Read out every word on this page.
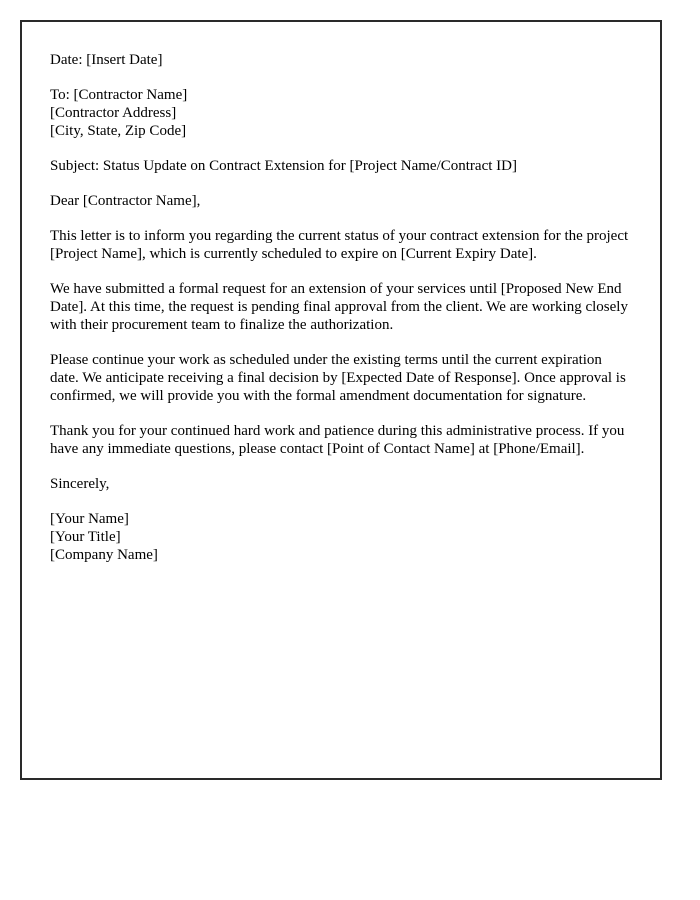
Date: [Insert Date]

To: [Contractor Name]

[Contractor Address]

[City, State, Zip Code]

Subject: Status Update on Contract Extension for [Project Name/Contract ID]

Dear [Contractor Name],

This letter is to inform you regarding the current status of your contract extension for the project [Project Name], which is currently scheduled to expire on [Current Expiry Date].

We have submitted a formal request for an extension of your services until [Proposed New End Date]. At this time, the request is pending final approval from the client. We are working closely with their procurement team to finalize the authorization.

Please continue your work as scheduled under the existing terms until the current expiration date. We anticipate receiving a final decision by [Expected Date of Response]. Once approval is confirmed, we will provide you with the formal amendment documentation for signature.

Thank you for your continued hard work and patience during this administrative process. If you have any immediate questions, please contact [Point of Contact Name] at [Phone/Email].

Sincerely,

[Your Name]

[Your Title]

[Company Name]
